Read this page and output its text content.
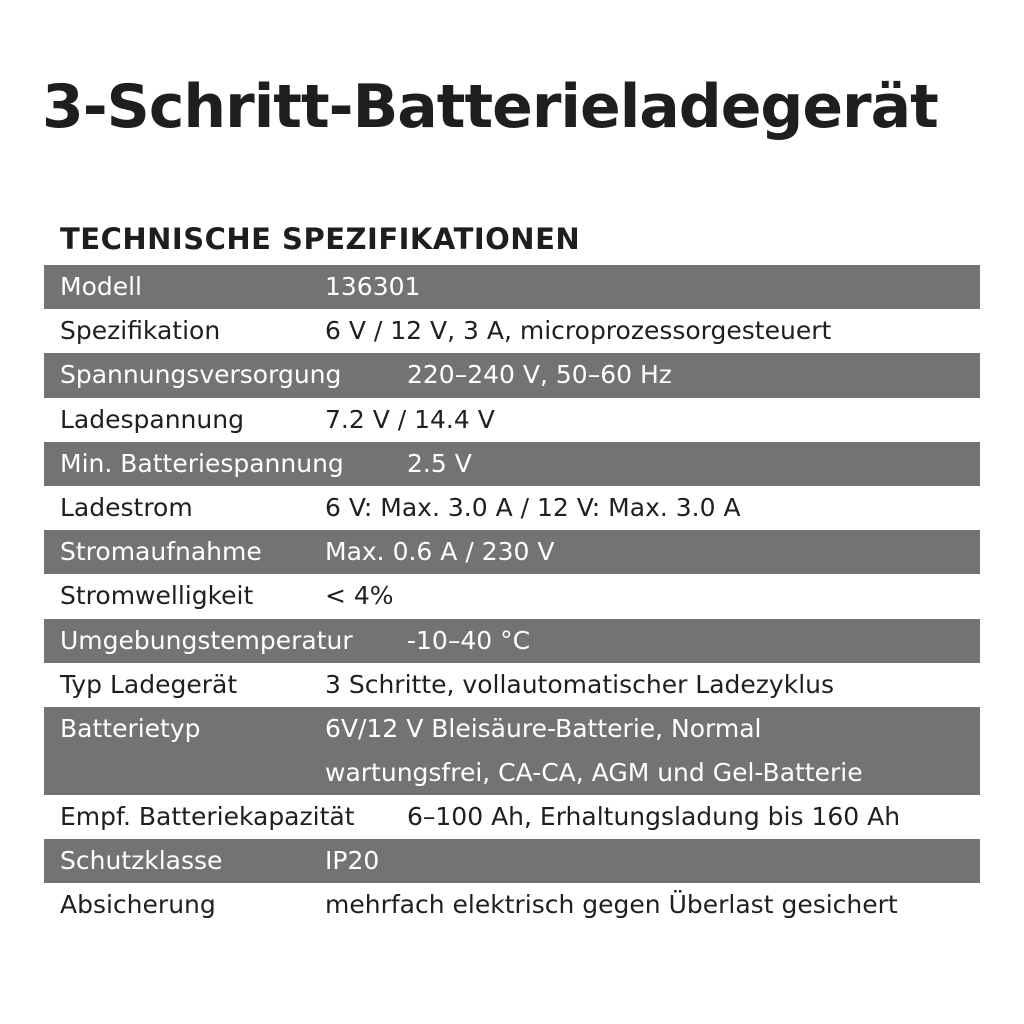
3-Schritt-Batterieladegerät
TECHNISCHE SPEZIFIKATIONEN
Modell	136301
Spezifikation	6 V / 12 V, 3 A, microprozessorgesteuert
Spannungsversorgung	220–240 V, 50–60 Hz
Ladespannung	7.2 V / 14.4 V
Min. Batteriespannung	2.5 V
Ladestrom	6 V: Max. 3.0 A / 12 V: Max. 3.0 A
Stromaufnahme	Max. 0.6 A / 230 V
Stromwelligkeit	< 4%
Umgebungstemperatur -10–40 °C
Typ Ladegerät	3 Schritte, vollautomatischer Ladezyklus
Batterietyp	6V/12 V Bleisäure-Batterie, Normal
wartungsfrei, CA-CA, AGM und Gel-Batterie
Empf. Batteriekapazität 6–100 Ah, Erhaltungsladung bis 160 Ah
Schutzklasse	IP20
Absicherung	mehrfach elektrisch gegen Überlast gesichert
